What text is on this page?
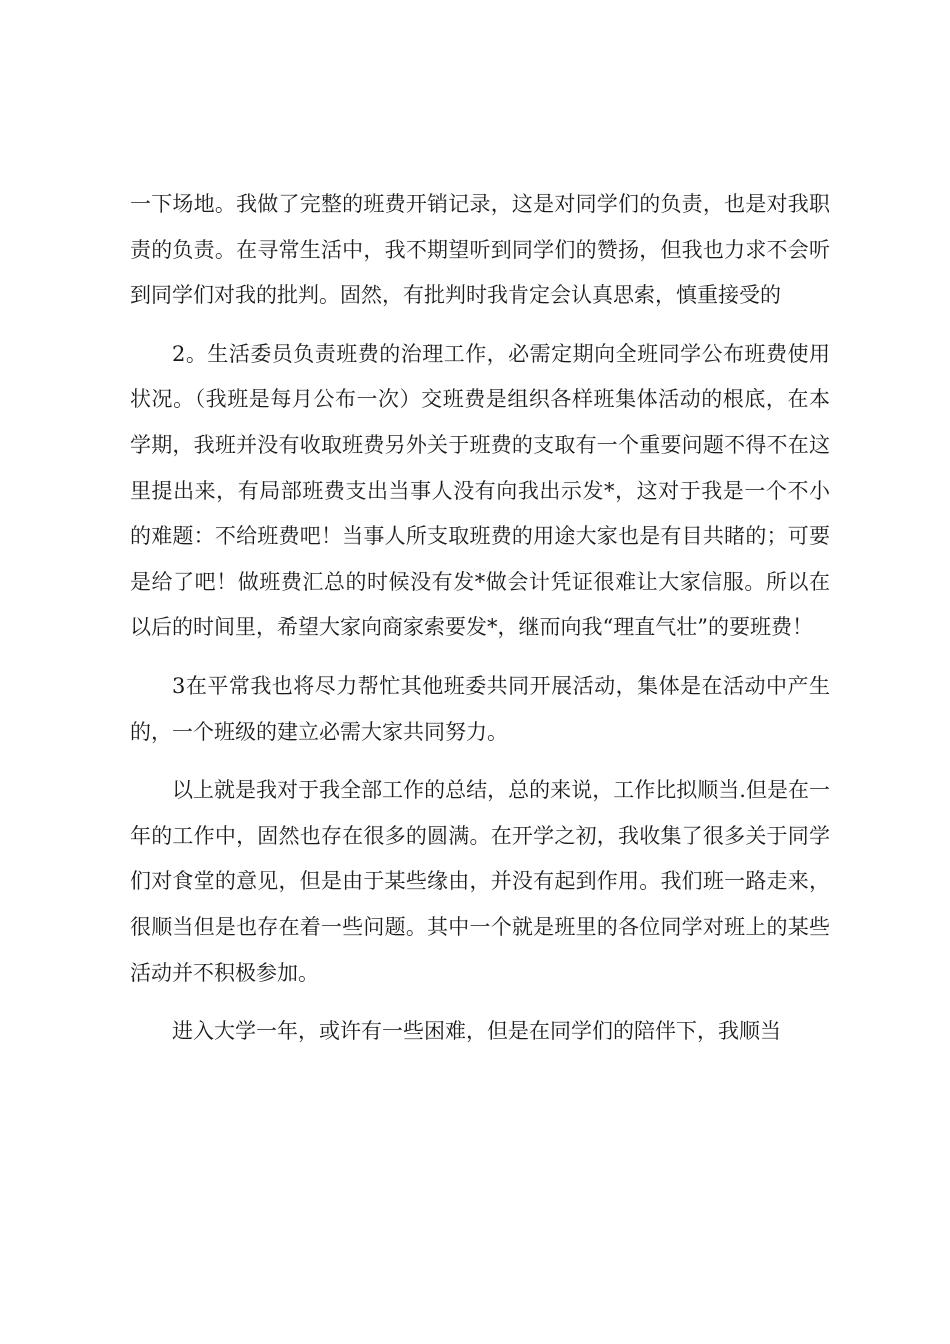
一下场地。我做了完整的班费开销记录，这是对同学们的负责，也是对我职责的负责。在寻常生活中，我不期望听到同学们的赞扬，但我也力求不会听到同学们对我的批判。固然，有批判时我肯定会认真思索，慎重接受的

2。生活委员负责班费的治理工作，必需定期向全班同学公布班费使用状况。（我班是每月公布一次）交班费是组织各样班集体活动的根底，在本学期，我班并没有收取班费另外关于班费的支取有一个重要问题不得不在这里提出来，有局部班费支出当事人没有向我出示发*，这对于我是一个不小的难题：不给班费吧！当事人所支取班费的用途大家也是有目共睹的；可要是给了吧！做班费汇总的时候没有发*做会计凭证很难让大家信服。所以在以后的时间里，希望大家向商家索要发*，继而向我“理直气壮”的要班费！

3在平常我也将尽力帮忙其他班委共同开展活动，集体是在活动中产生的，一个班级的建立必需大家共同努力。

以上就是我对于我全部工作的总结，总的来说，工作比拟顺当.但是在一年的工作中，固然也存在很多的圆满。在开学之初，我收集了很多关于同学们对食堂的意见，但是由于某些缘由，并没有起到作用。我们班一路走来，很顺当但是也存在着一些问题。其中一个就是班里的各位同学对班上的某些活动并不积极参加。

进入大学一年，或许有一些困难，但是在同学们的陪伴下，我顺当
